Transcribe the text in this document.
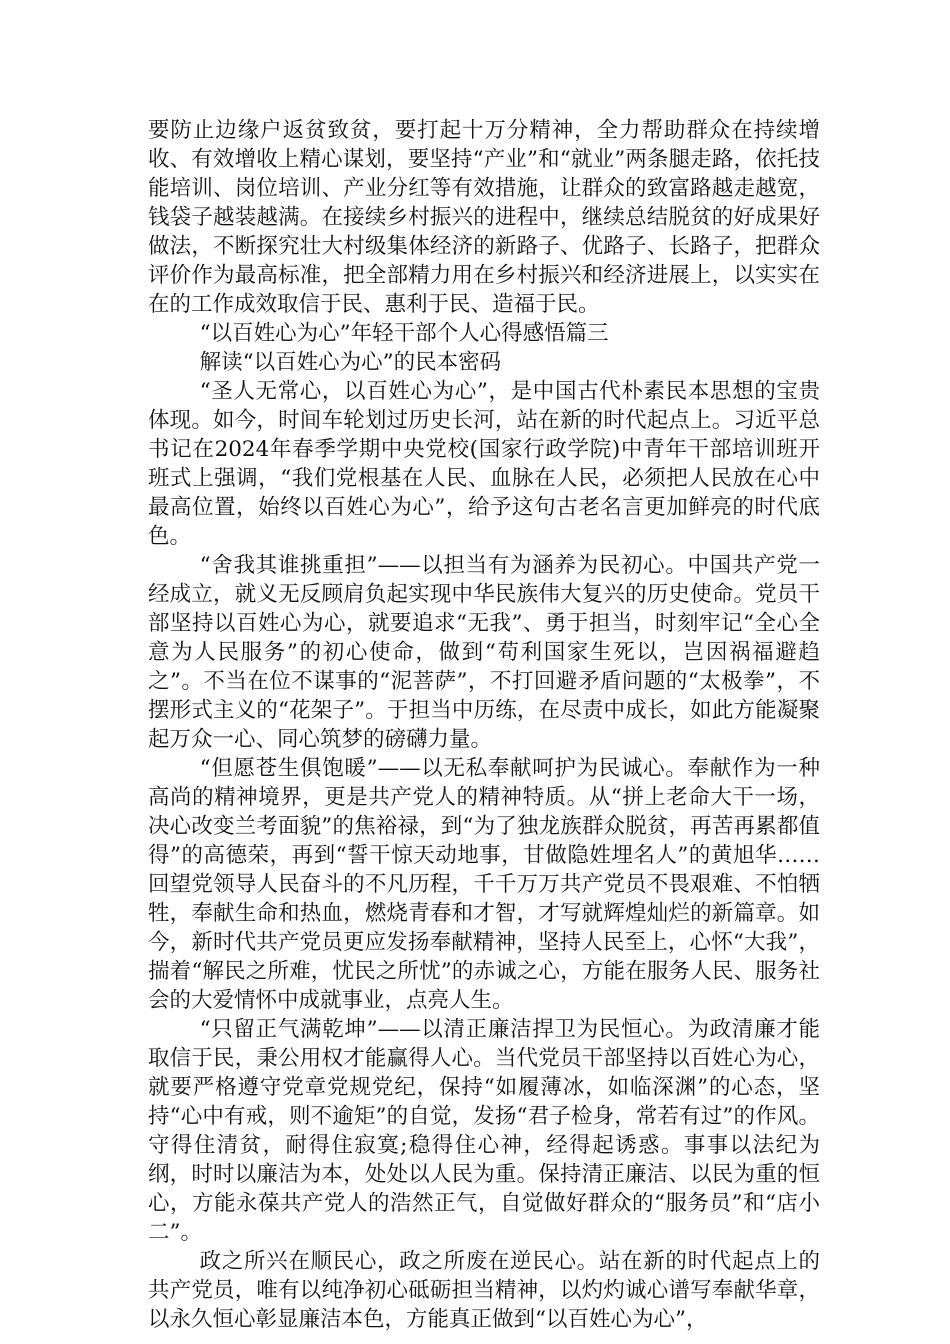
要防止边缘户返贫致贫，要打起十万分精神，全力帮助群众在持续增收、有效增收上精心谋划，要坚持“产业”和“就业”两条腿走路，依托技能培训、岗位培训、产业分红等有效措施，让群众的致富路越走越宽，钱袋子越装越满。在接续乡村振兴的进程中，继续总结脱贫的好成果好做法，不断探究壮大村级集体经济的新路子、优路子、长路子，把群众评价作为最高标准，把全部精力用在乡村振兴和经济进展上，以实实在在的工作成效取信于民、惠利于民、造福于民。

“以百姓心为心”年轻干部个人心得感悟篇三

解读“以百姓心为心”的民本密码

“圣人无常心，以百姓心为心”，是中国古代朴素民本思想的宝贵体现。如今，时间车轮划过历史长河，站在新的时代起点上。习近平总书记在2024年春季学期中央党校(国家行政学院)中青年干部培训班开班式上强调，“我们党根基在人民、血脉在人民，必须把人民放在心中最高位置，始终以百姓心为心”，给予这句古老名言更加鲜亮的时代底色。

“舍我其谁挑重担”——以担当有为涵养为民初心。中国共产党一经成立，就义无反顾肩负起实现中华民族伟大复兴的历史使命。党员干部坚持以百姓心为心，就要追求“无我”、勇于担当，时刻牢记“全心全意为人民服务”的初心使命，做到“苟利国家生死以，岂因祸福避趋之”。不当在位不谋事的“泥菩萨”，不打回避矛盾问题的“太极拳”，不摆形式主义的“花架子”。于担当中历练，在尽责中成长，如此方能凝聚起万众一心、同心筑梦的磅礴力量。

“但愿苍生俱饱暖”——以无私奉献呵护为民诚心。奉献作为一种高尚的精神境界，更是共产党人的精神特质。从“拼上老命大干一场，决心改变兰考面貌”的焦裕禄，到“为了独龙族群众脱贫，再苦再累都值得”的高德荣，再到“誓干惊天动地事，甘做隐姓埋名人”的黄旭华……回望党领导人民奋斗的不凡历程，千千万万共产党员不畏艰难、不怕牺牲，奉献生命和热血，燃烧青春和才智，才写就辉煌灿烂的新篇章。如今，新时代共产党员更应发扬奉献精神，坚持人民至上，心怀“大我”，揣着“解民之所难，忧民之所忧”的赤诚之心，方能在服务人民、服务社会的大爱情怀中成就事业，点亮人生。

“只留正气满乾坤”——以清正廉洁捍卫为民恒心。为政清廉才能取信于民，秉公用权才能赢得人心。当代党员干部坚持以百姓心为心，就要严格遵守党章党规党纪，保持“如履薄冰，如临深渊”的心态，坚持“心中有戒，则不逾矩”的自觉，发扬“君子检身，常若有过”的作风。守得住清贫，耐得住寂寞;稳得住心神，经得起诱惑。事事以法纪为纲，时时以廉洁为本，处处以人民为重。保持清正廉洁、以民为重的恒心，方能永葆共产党人的浩然正气，自觉做好群众的“服务员”和“店小二”。

政之所兴在顺民心，政之所废在逆民心。站在新的时代起点上的共产党员，唯有以纯净初心砥砺担当精神，以灼灼诚心谱写奉献华章，以永久恒心彰显廉洁本色，方能真正做到“以百姓心为心”，
